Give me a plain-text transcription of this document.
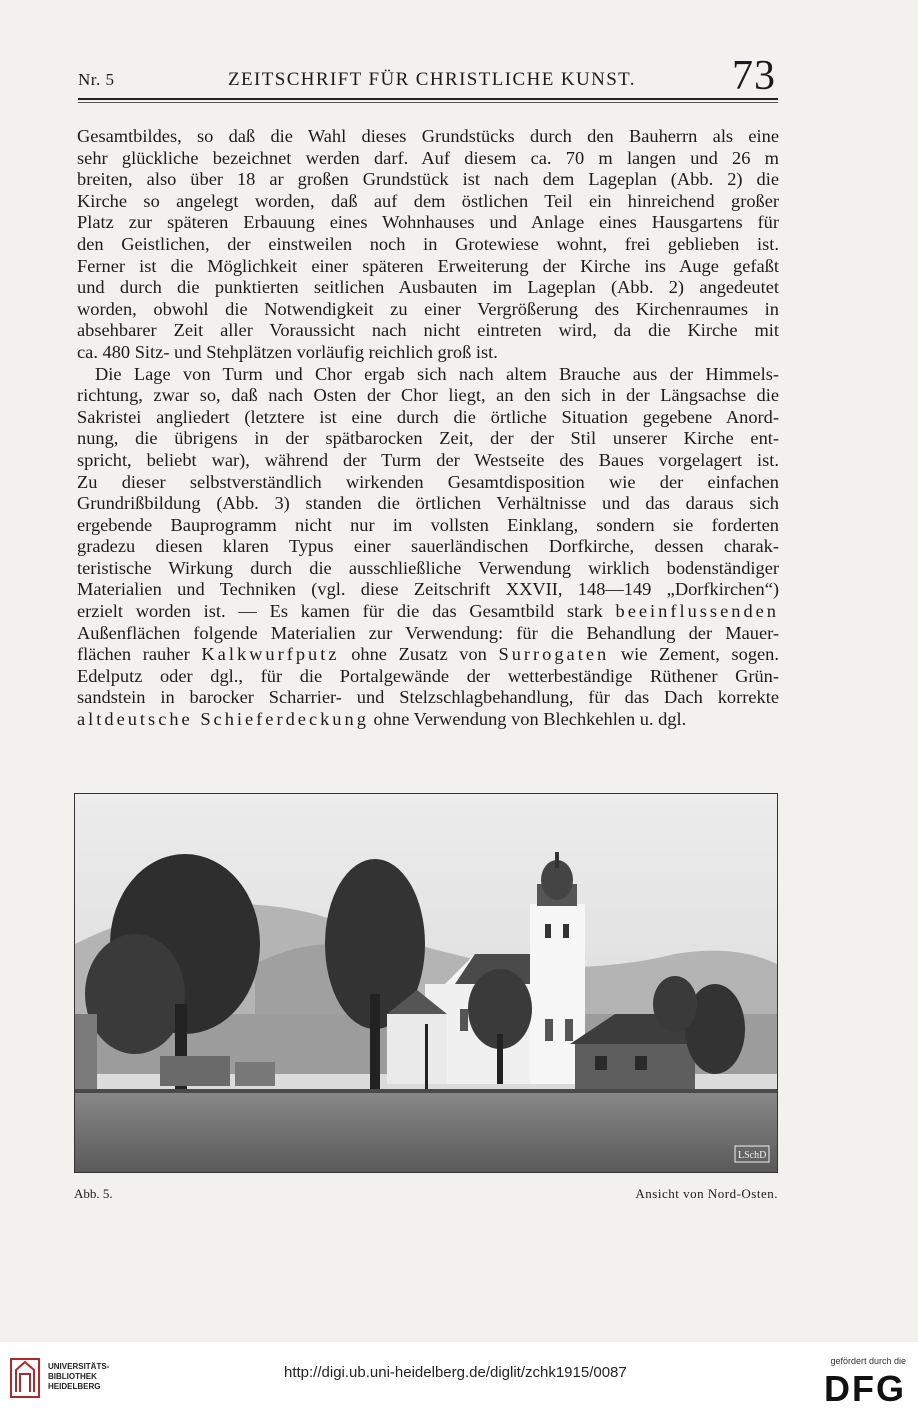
Nr. 5	ZEITSCHRIFT FÜR CHRISTLICHE KUNST. 73
Gesamtbildes, so daß die Wahl dieses Grundstücks durch den Bauherrn als eine
sehr glückliche bezeichnet werden darf. Auf diesem ca. 70 m langen und 26 m
breiten, also über 18 ar großen Grundstück ist nach dem Lageplan (Abb. 2) die
Kirche so angelegt worden, daß auf dem östlichen Teil ein hinreichend großer
Platz zur späteren Erbauung eines Wohnhauses und Anlage eines Hausgartens für
den Geistlichen, der einstweilen noch in Grotewiese wohnt, frei geblieben ist.
Ferner ist die Möglichkeit einer späteren Erweiterung der Kirche ins Auge gefaßt
und durch die punktierten seitlichen Ausbauten im Lageplan (Abb. 2) angedeutet
worden, obwohl die Notwendigkeit zu einer Vergrößerung des Kirchenraumes in
absehbarer Zeit aller Voraussicht nach nicht eintreten wird, da die Kirche mit
ca. 480 Sitz- und Stehplätzen vorläufig reichlich groß ist.
Die Lage von Turm und Chor ergab sich nach altem Brauche aus der Himmels-
richtung, zwar so, daß nach Osten der Chor liegt, an den sich in der Längsachse die
Sakristei angliedert (letztere ist eine durch die örtliche Situation gegebene Anord-
nung, die übrigens in der spätbarocken Zeit, der der Stil unserer Kirche ent-
spricht, beliebt war), während der Turm der Westseite des Baues vorgelagert ist.
Zu dieser selbstverständlich wirkenden Gesamtdisposition wie der einfachen
Grundrißbildung (Abb. 3) standen die örtlichen Verhältnisse und das daraus sich
ergebende Bauprogramm nicht nur im vollsten Einklang, sondern sie forderten
gradezu diesen klaren Typus einer sauerländischen Dorfkirche, dessen charak-
teristische Wirkung durch die ausschließliche Verwendung wirklich bodenständiger
Materialien und Techniken (vgl. diese Zeitschrift XXVII, 148—149 „Dorfkirchen“)
erzielt worden ist. — Es kamen für die das Gesamtbild stark beeinflussenden
Außenflächen folgende Materialien zur Verwendung: für die Behandlung der Mauer-
flächen rauher Kalkwurfputz ohne Zusatz von Surrogaten wie Zement, sogen.
Edelputz oder dgl., für die Portalgewände der wetterbeständige Rüthener Grün-
sandstein in barocker Scharrier- und Stelzschlagbehandlung, für das Dach korrekte
altdeutsche Schieferdeckung ohne Verwendung von Blechkehlen u. dgl.
LSchD
Abb. 5.	Ansicht von Nord-Osten.
UNIVERSITÄTS-
BIBLIOTHEK
HEIDELBERG
http://digi.ub.uni-heidelberg.de/diglit/zchk1915/0087
gefördert durch die
DFG
